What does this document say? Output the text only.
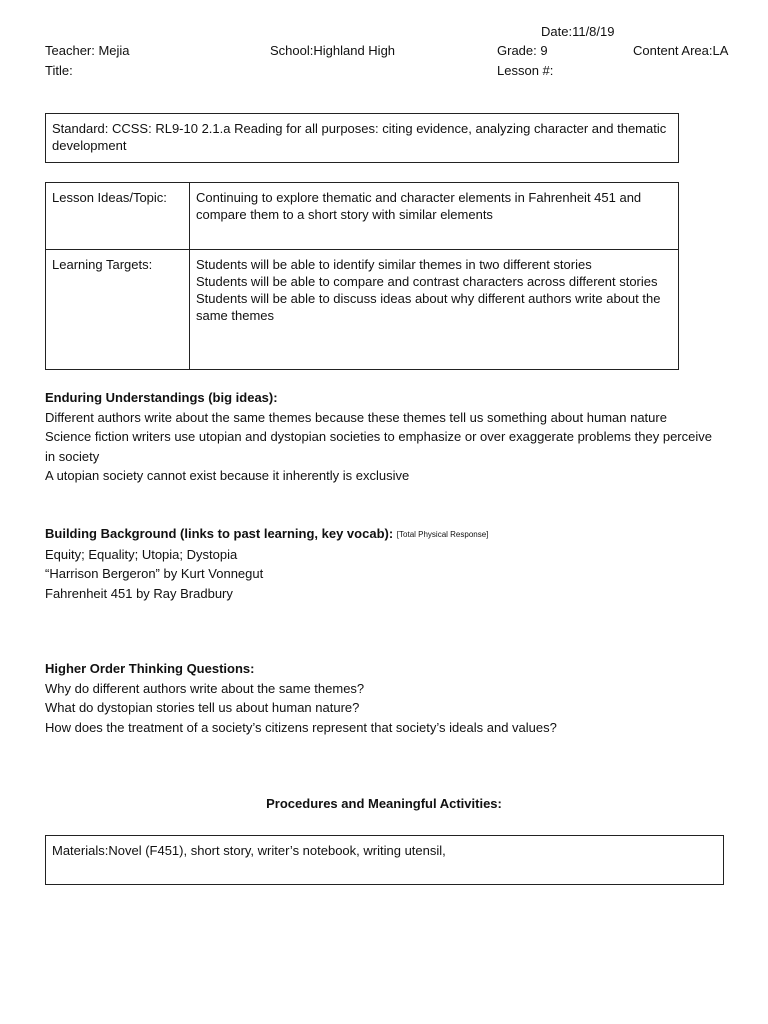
Date:11/8/19
Teacher: Mejia	School:Highland High	Grade: 9	Content Area:LA
Title:	Lesson #:
Standard: CCSS: RL9-10 2.1.a Reading for all purposes: citing evidence, analyzing character and thematic development
Lesson Ideas/Topic:	Continuing to explore thematic and character elements in Fahrenheit 451 and compare them to a short story with similar elements

Learning Targets:	Students will be able to identify similar themes in two different stories
Students will be able to compare and contrast characters across different stories
Students will be able to discuss ideas about why different authors write about the same themes
Enduring Understandings (big ideas):
Different authors write about the same themes because these themes tell us something about human nature
Science fiction writers use utopian and dystopian societies to emphasize or over exaggerate problems they perceive in society
A utopian society cannot exist because it inherently is exclusive
Building Background (links to past learning, key vocab): [Total Physical Response]
Equity; Equality; Utopia; Dystopia
“Harrison Bergeron” by Kurt Vonnegut
Fahrenheit 451 by Ray Bradbury
Higher Order Thinking Questions:
Why do different authors write about the same themes?
What do dystopian stories tell us about human nature?
How does the treatment of a society’s citizens represent that society’s ideals and values?
Procedures and Meaningful Activities:
Materials:Novel (F451), short story, writer’s notebook, writing utensil,
